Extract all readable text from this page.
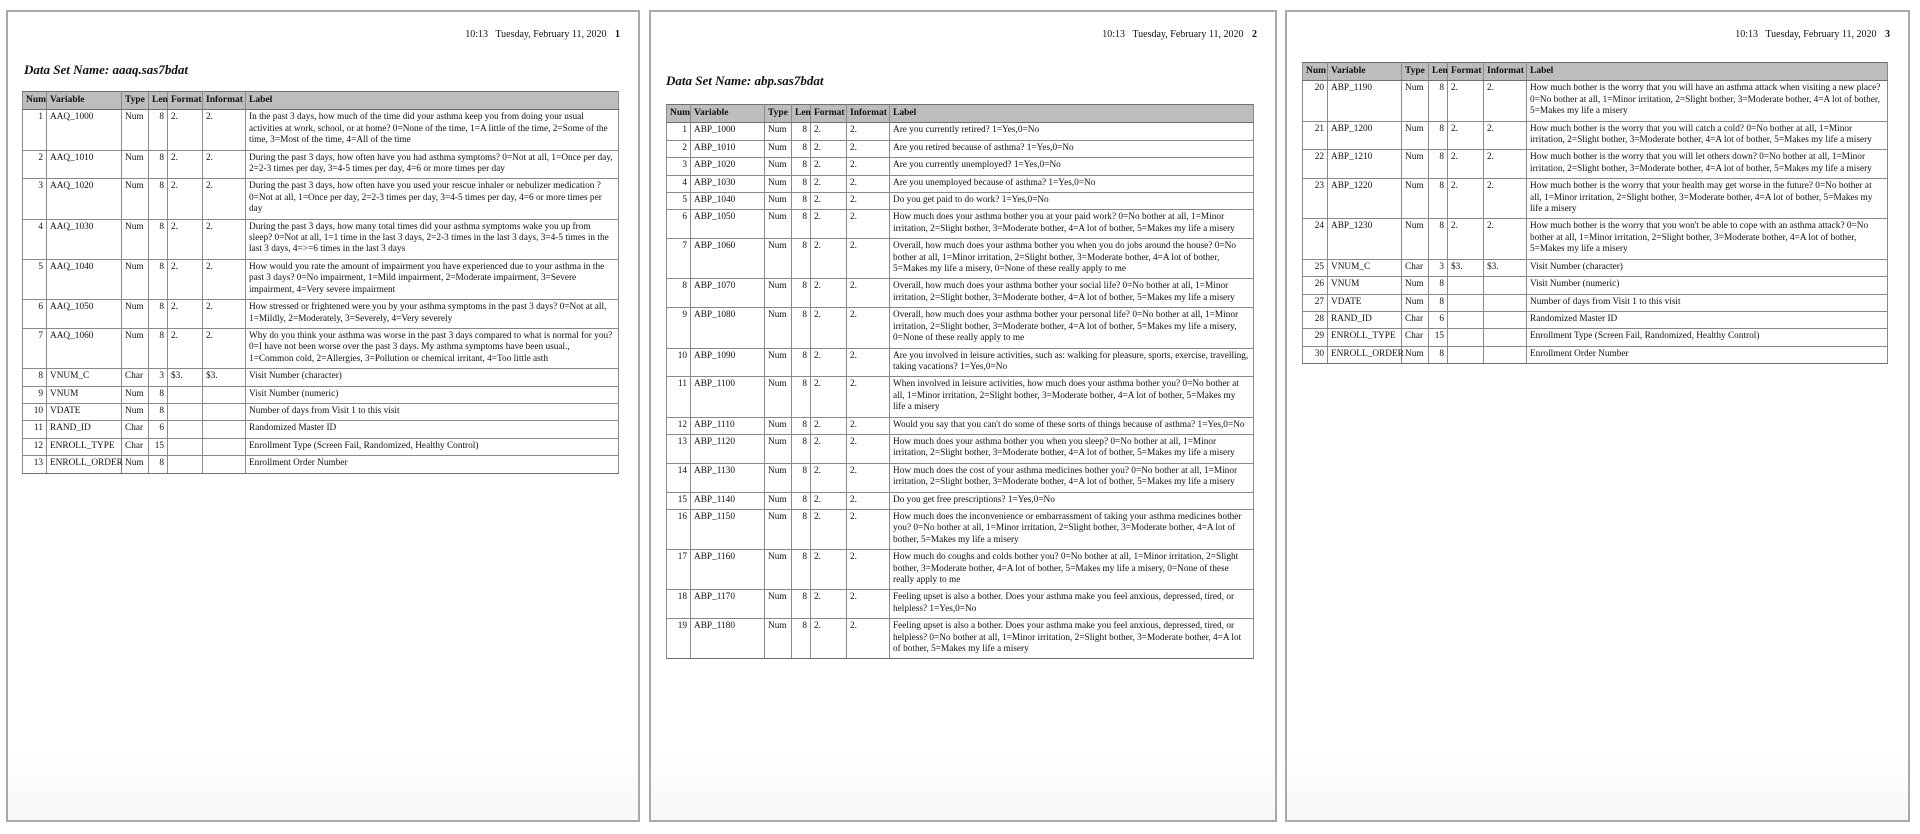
10:13 Tuesday, February 11, 2020 1
Data Set Name: aaaq.sas7bdat
Num	Variable	Type	Len	Format	Informat	Label
1	AAQ_1000	Num	8	2.	2.	In the past 3 days, how much of the time did your asthma keep you from doing your usual activities at work, school, or at home? 0=None of the time, 1=A little of the time, 2=Some of the time, 3=Most of the time, 4=All of the time
2	AAQ_1010	Num	8	2.	2.	During the past 3 days, how often have you had asthma symptoms? 0=Not at all, 1=Once per day, 2=2-3 times per day, 3=4-5 times per day, 4=6 or more times per day
3	AAQ_1020	Num	8	2.	2.	During the past 3 days, how often have you used your rescue inhaler or nebulizer medication ? 0=Not at all, 1=Once per day, 2=2-3 times per day, 3=4-5 times per day, 4=6 or more times per day
4	AAQ_1030	Num	8	2.	2.	During the past 3 days, how many total times did your asthma symptoms wake you up from sleep? 0=Not at all, 1=1 time in the last 3 days, 2=2-3 times in the last 3 days, 3=4-5 times in the last 3 days, 4=>=6 times in the last 3 days
5	AAQ_1040	Num	8	2.	2.	How would you rate the amount of impairment you have experienced due to your asthma in the past 3 days? 0=No impairment, 1=Mild impairment, 2=Moderate impairment, 3=Severe impairment, 4=Very severe impairment
6	AAQ_1050	Num	8	2.	2.	How stressed or frightened were you by your asthma symptoms in the past 3 days? 0=Not at all, 1=Mildly, 2=Moderately, 3=Severely, 4=Very severely
7	AAQ_1060	Num	8	2.	2.	Why do you think your asthma was worse in the past 3 days compared to what is normal for you? 0=I have not been worse over the past 3 days. My asthma symptoms have been usual., 1=Common cold, 2=Allergies, 3=Pollution or chemical irritant, 4=Too little asth
8	VNUM_C	Char	3	$3.	$3.	Visit Number (character)
9	VNUM	Num	8			Visit Number (numeric)
10	VDATE	Num	8			Number of days from Visit 1 to this visit
11	RAND_ID	Char	6			Randomized Master ID
12	ENROLL_TYPE	Char	15			Enrollment Type (Screen Fail, Randomized, Healthy Control)
13	ENROLL_ORDER	Num	8			Enrollment Order Number
10:13 Tuesday, February 11, 2020 2
Data Set Name: abp.sas7bdat
Num	Variable	Type	Len	Format	Informat	Label
1	ABP_1000	Num	8	2.	2.	Are you currently retired? 1=Yes,0=No
2	ABP_1010	Num	8	2.	2.	Are you retired because of asthma? 1=Yes,0=No
3	ABP_1020	Num	8	2.	2.	Are you currently unemployed? 1=Yes,0=No
4	ABP_1030	Num	8	2.	2.	Are you unemployed because of asthma? 1=Yes,0=No
5	ABP_1040	Num	8	2.	2.	Do you get paid to do work? 1=Yes,0=No
6	ABP_1050	Num	8	2.	2.	How much does your asthma bother you at your paid work? 0=No bother at all, 1=Minor irritation, 2=Slight bother, 3=Moderate bother, 4=A lot of bother, 5=Makes my life a misery
7	ABP_1060	Num	8	2.	2.	Overall, how much does your asthma bother you when you do jobs around the house? 0=No bother at all, 1=Minor irritation, 2=Slight bother, 3=Moderate bother, 4=A lot of bother, 5=Makes my life a misery, 0=None of these really apply to me
8	ABP_1070	Num	8	2.	2.	Overall, how much does your asthma bother your social life? 0=No bother at all, 1=Minor irritation, 2=Slight bother, 3=Moderate bother, 4=A lot of bother, 5=Makes my life a misery
9	ABP_1080	Num	8	2.	2.	Overall, how much does your asthma bother your personal life? 0=No bother at all, 1=Minor irritation, 2=Slight bother, 3=Moderate bother, 4=A lot of bother, 5=Makes my life a misery, 0=None of these really apply to me
10	ABP_1090	Num	8	2.	2.	Are you involved in leisure activities, such as: walking for pleasure, sports, exercise, travelling, taking vacations? 1=Yes,0=No
11	ABP_1100	Num	8	2.	2.	When involved in leisure activities, how much does your asthma bother you? 0=No bother at all, 1=Minor irritation, 2=Slight bother, 3=Moderate bother, 4=A lot of bother, 5=Makes my life a misery
12	ABP_1110	Num	8	2.	2.	Would you say that you can't do some of these sorts of things because of asthma? 1=Yes,0=No
13	ABP_1120	Num	8	2.	2.	How much does your asthma bother you when you sleep? 0=No bother at all, 1=Minor irritation, 2=Slight bother, 3=Moderate bother, 4=A lot of bother, 5=Makes my life a misery
14	ABP_1130	Num	8	2.	2.	How much does the cost of your asthma medicines bother you? 0=No bother at all, 1=Minor irritation, 2=Slight bother, 3=Moderate bother, 4=A lot of bother, 5=Makes my life a misery
15	ABP_1140	Num	8	2.	2.	Do you get free prescriptions? 1=Yes,0=No
16	ABP_1150	Num	8	2.	2.	How much does the inconvenience or embarrassment of taking your asthma medicines bother you? 0=No bother at all, 1=Minor irritation, 2=Slight bother, 3=Moderate bother, 4=A lot of bother, 5=Makes my life a misery
17	ABP_1160	Num	8	2.	2.	How much do coughs and colds bother you? 0=No bother at all, 1=Minor irritation, 2=Slight bother, 3=Moderate bother, 4=A lot of bother, 5=Makes my life a misery, 0=None of these really apply to me
18	ABP_1170	Num	8	2.	2.	Feeling upset is also a bother. Does your asthma make you feel anxious, depressed, tired, or helpless? 1=Yes,0=No
19	ABP_1180	Num	8	2.	2.	Feeling upset is also a bother. Does your asthma make you feel anxious, depressed, tired, or helpless? 0=No bother at all, 1=Minor irritation, 2=Slight bother, 3=Moderate bother, 4=A lot of bother, 5=Makes my life a misery
10:13 Tuesday, February 11, 2020 3
Num	Variable	Type	Len	Format	Informat	Label
20	ABP_1190	Num	8	2.	2.	How much bother is the worry that you will have an asthma attack when visiting a new place? 0=No bother at all, 1=Minor irritation, 2=Slight bother, 3=Moderate bother, 4=A lot of bother, 5=Makes my life a misery
21	ABP_1200	Num	8	2.	2.	How much bother is the worry that you will catch a cold? 0=No bother at all, 1=Minor irritation, 2=Slight bother, 3=Moderate bother, 4=A lot of bother, 5=Makes my life a misery
22	ABP_1210	Num	8	2.	2.	How much bother is the worry that you will let others down? 0=No bother at all, 1=Minor irritation, 2=Slight bother, 3=Moderate bother, 4=A lot of bother, 5=Makes my life a misery
23	ABP_1220	Num	8	2.	2.	How much bother is the worry that your health may get worse in the future? 0=No bother at all, 1=Minor irritation, 2=Slight bother, 3=Moderate bother, 4=A lot of bother, 5=Makes my life a misery
24	ABP_1230	Num	8	2.	2.	How much bother is the worry that you won't be able to cope with an asthma attack? 0=No bother at all, 1=Minor irritation, 2=Slight bother, 3=Moderate bother, 4=A lot of bother, 5=Makes my life a misery
25	VNUM_C	Char	3	$3.	$3.	Visit Number (character)
26	VNUM	Num	8			Visit Number (numeric)
27	VDATE	Num	8			Number of days from Visit 1 to this visit
28	RAND_ID	Char	6			Randomized Master ID
29	ENROLL_TYPE	Char	15			Enrollment Type (Screen Fail, Randomized, Healthy Control)
30	ENROLL_ORDER	Num	8			Enrollment Order Number
